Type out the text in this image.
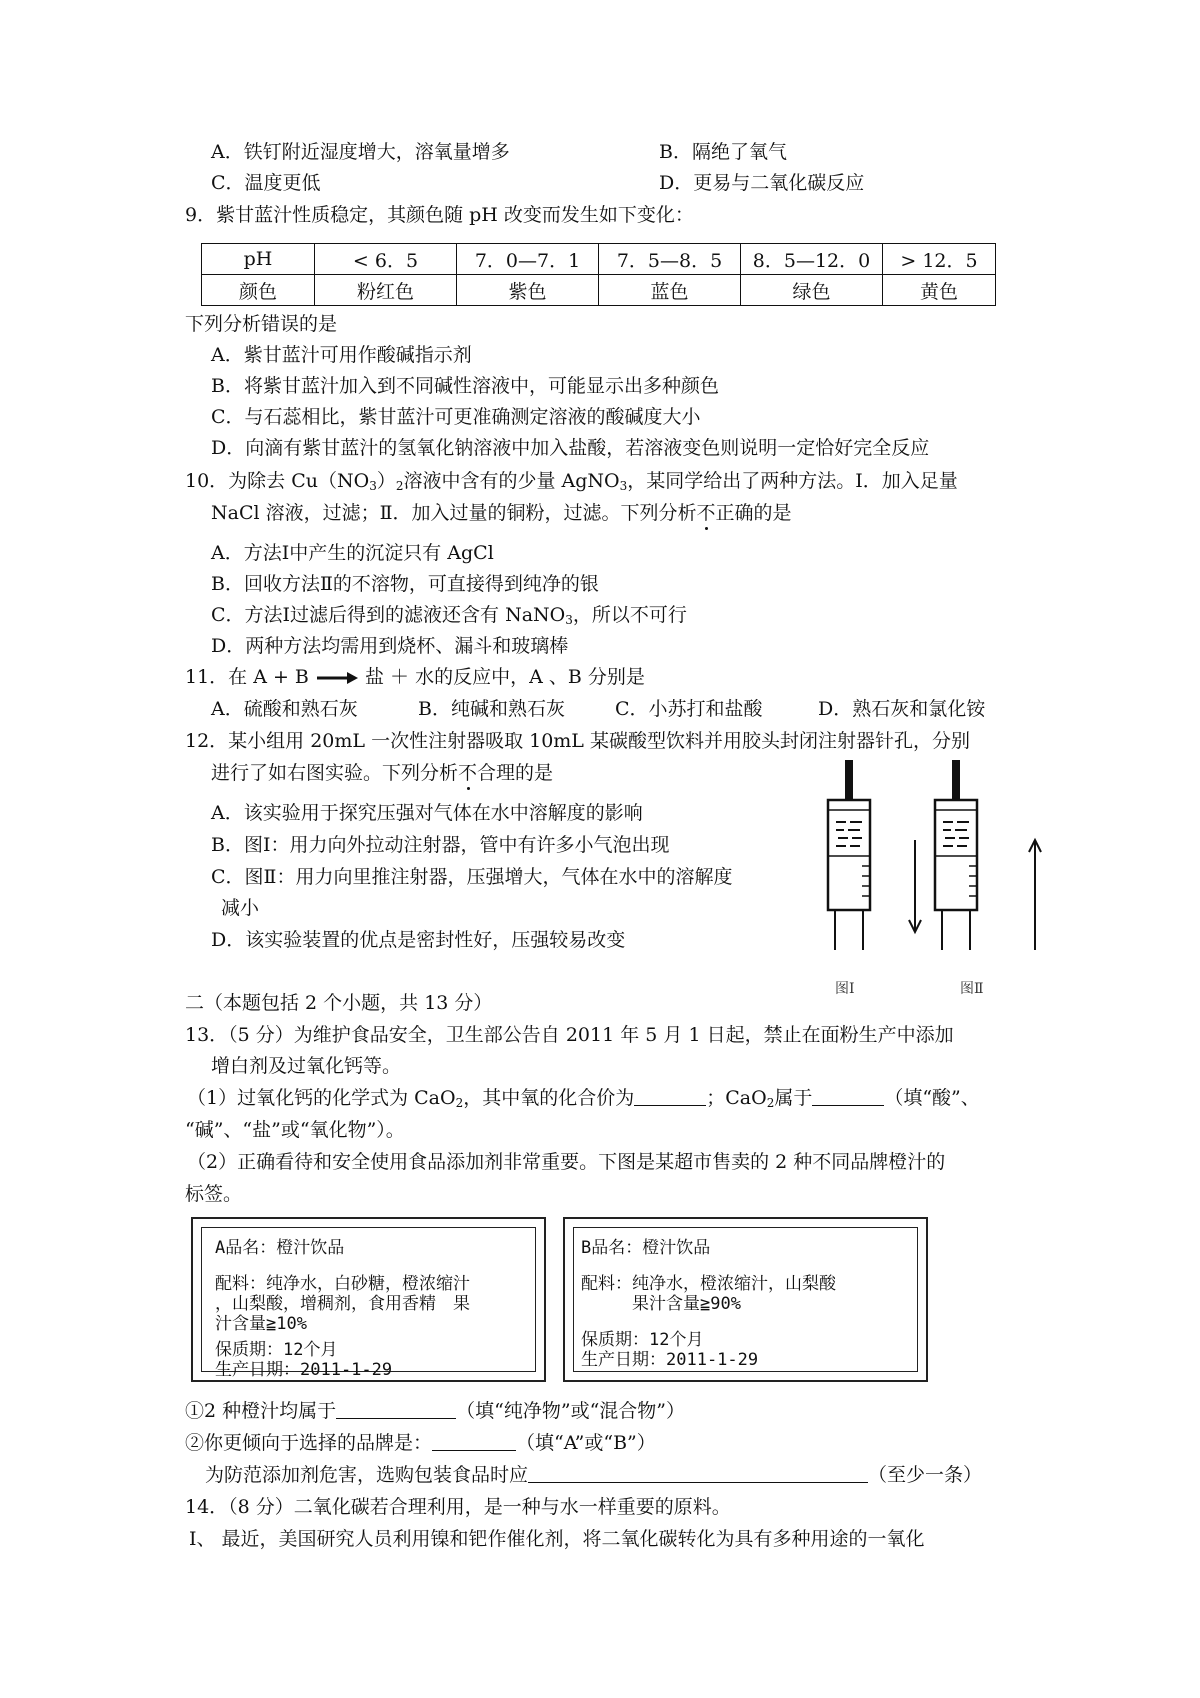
A．铁钉附近湿度增大，溶氧量增多	B．隔绝了氧气
C．温度更低	D．更易与二氧化碳反应
9．紫甘蓝汁性质稳定，其颜色随 pH 改变而发生如下变化：
pH	< 6．5	7．0—7．1	7．5—8．5	8．5—12．0	> 12．5
颜色	粉红色	紫色	蓝色	绿色	黄色
下列分析错误的是
A．紫甘蓝汁可用作酸碱指示剂
B．将紫甘蓝汁加入到不同碱性溶液中，可能显示出多种颜色
C．与石蕊相比，紫甘蓝汁可更准确测定溶液的酸碱度大小
D．向滴有紫甘蓝汁的氢氧化钠溶液中加入盐酸，若溶液变色则说明一定恰好完全反应
10．为除去 $Cu(NO_3)_2$溶液中含有的少量 AgNO$_3$，某同学给出了两种方法。Ⅰ．加入足量
NaCl 溶液，过滤；Ⅱ．加入过量的铜粉，过滤。下列分析不正确的是
A．方法Ⅰ中产生的沉淀只有 AgCl
B．回收方法Ⅱ的不溶物，可直接得到纯净的银
C．方法Ⅰ过滤后得到的滤液还含有 NaNO$_3$，所以不可行
D．两种方法均需用到烧杯、漏斗和玻璃棒
11．在 A + B → 盐 ＋ 水的反应中，A 、B 分别是
A．硫酸和熟石灰	B．纯碱和熟石灰	C．小苏打和盐酸	D．熟石灰和氯化铵
12．某小组用 20mL 一次性注射器吸取 10mL 某碳酸型饮料并用胶头封闭注射器针孔，分别
进行了如右图实验。下列分析不合理的是
A．该实验用于探究压强对气体在水中溶解度的影响
B．图Ⅰ：用力向外拉动注射器，管中有许多小气泡出现
C．图Ⅱ：用力向里推注射器，压强增大，气体在水中的溶解度
减小
D．该实验装置的优点是密封性好，压强较易改变
图Ⅰ	图Ⅱ
二（本题包括 2 个小题，共 13 分）
13．（5 分）为维护食品安全，卫生部公告自 2011 年 5 月 1 日起，禁止在面粉生产中添加
增白剂及过氧化钙等。
（1）过氧化钙的化学式为 CaO$_2$，其中氧的化合价为	；CaO$_2$属于	（填“酸”、
“碱”、“盐”或“氧化物”）。
（2）正确看待和安全使用食品添加剂非常重要。下图是某超市售卖的 2 种不同品牌橙汁的
标签。
A品名：橙汁饮品
配料：纯净水，白砂糖，橙浓缩汁
，山梨酸，增稠剂，食用香精　果
汁含量≧10%
保质期：12个月
生产日期：2011-1-29
B品名：橙汁饮品
配料：纯净水，橙浓缩汁，山梨酸
　　　果汁含量≧90%
保质期：12个月
生产日期：2011-1-29
①2 种橙汁均属于	（填“纯净物”或“混合物”）
②你更倾向于选择的品牌是：	（填“A”或“B”）
为防范添加剂危害，选购包装食品时应	（至少一条）
14．（8 分）二氧化碳若合理利用，是一种与水一样重要的原料。
Ⅰ、 最近，美国研究人员利用镍和钯作催化剂，将二氧化碳转化为具有多种用途的一氧化
